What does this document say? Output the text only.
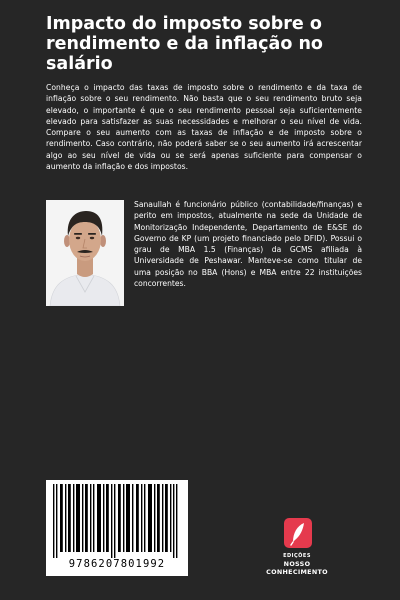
Impacto do imposto sobre o rendimento e da inflação no salário

Conheça o impacto das taxas de imposto sobre o rendimento e da taxa de inflação sobre o seu rendimento. Não basta que o seu rendimento bruto seja elevado, o importante é que o seu rendimento pessoal seja suficientemente elevado para satisfazer as suas necessidades e melhorar o seu nível de vida. Compare o seu aumento com as taxas de inflação e de imposto sobre o rendimento. Caso contrário, não poderá saber se o seu aumento irá acrescentar algo ao seu nível de vida ou se será apenas suficiente para compensar o aumento da inflação e dos impostos.

Sanaullah é funcionário público (contabilidade/finanças) e perito em impostos, atualmente na sede da Unidade de Monitorização Independente, Departamento de E&SE do Governo de KP (um projeto financiado pelo DFID). Possui o grau de MBA 1.5 (Finanças) da GCMS afiliada à Universidade de Peshawar. Manteve-se como titular de uma posição no BBA (Hons) e MBA entre 22 instituições concorrentes.

9786207801992
EDIÇÕES
NOSSO CONHECIMENTO
